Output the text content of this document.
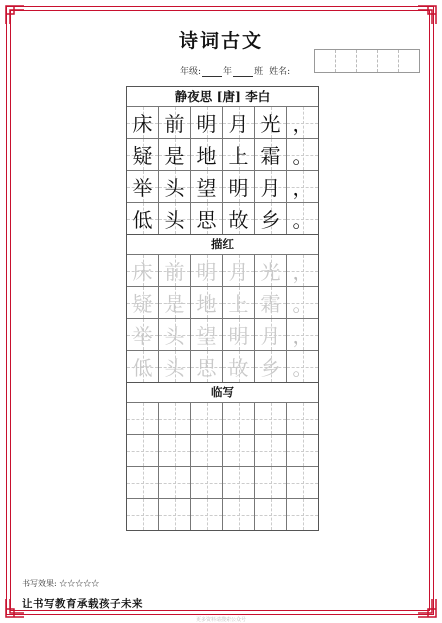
诗词古文
年级: 年 班 姓名:
静夜思 [唐] 李白
床 前 明 月 光 ，
疑 是 地 上 霜 。
举 头 望 明 月 ，
低 头 思 故 乡 。
描红
床 前 明 月 光 ，
疑 是 地 上 霜 。
举 头 望 明 月 ，
低 头 思 故 乡 。
临写
书写效果: ☆☆☆☆☆
让书写教育承载孩子未来
更多资料请搜索公众号
